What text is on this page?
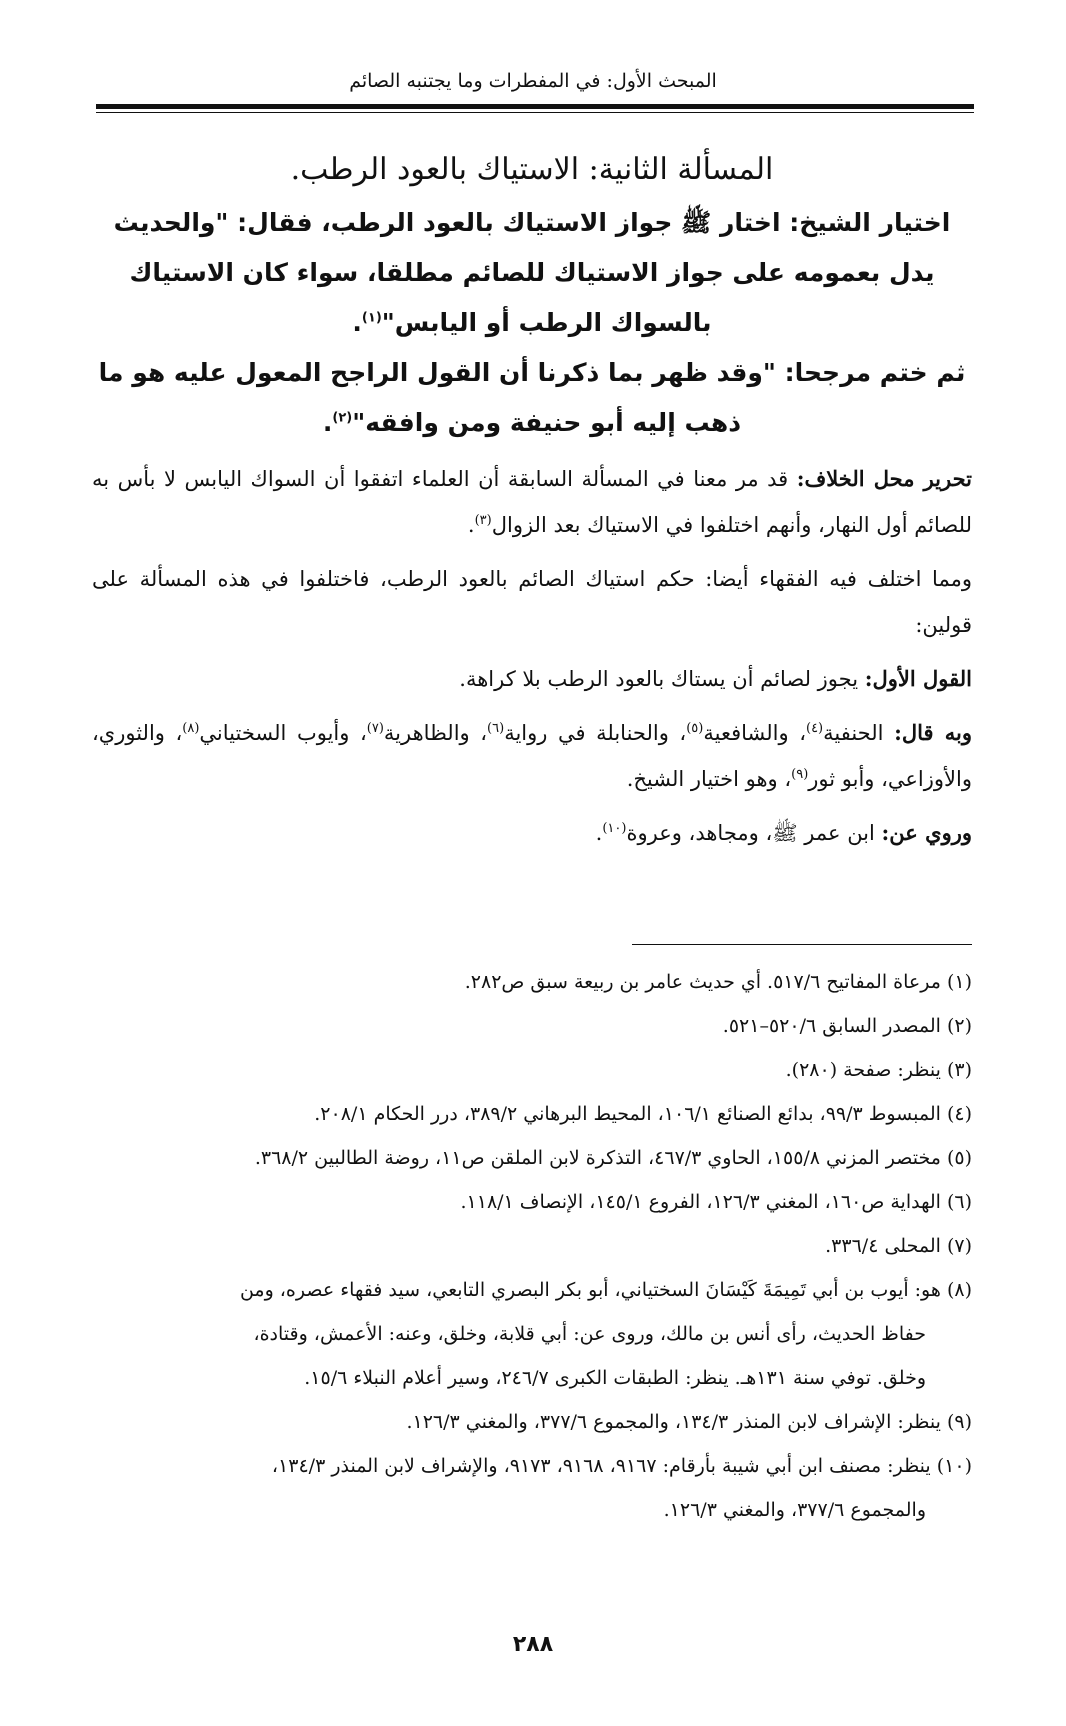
المبحث الأول: في المفطرات وما يجتنبه الصائم

المسألة الثانية: الاستياك بالعود الرطب.

اختيار الشيخ: اختار ﷺ جواز الاستياك بالعود الرطب، فقال: "والحديث يدل بعمومه على جواز الاستياك للصائم مطلقا، سواء كان الاستياك بالسواك الرطب أو اليابس"$^{(١)}$.

ثم ختم مرجحا: "وقد ظهر بما ذكرنا أن القول الراجح المعول عليه هو ما ذهب إليه أبو حنيفة ومن وافقه"$^{(٢)}$.

تحرير محل الخلاف: قد مر معنا في المسألة السابقة أن العلماء اتفقوا أن السواك اليابس لا بأس به للصائم أول النهار، وأنهم اختلفوا في الاستياك بعد الزوال$^{(٣)}$.

ومما اختلف فيه الفقهاء أيضا: حكم استياك الصائم بالعود الرطب، فاختلفوا في هذه المسألة على قولين:

القول الأول: يجوز لصائم أن يستاك بالعود الرطب بلا كراهة.

وبه قال: الحنفية$^{(٤)}$، والشافعية$^{(٥)}$، والحنابلة في رواية$^{(٦)}$، والظاهرية$^{(٧)}$، وأيوب السختياني$^{(٨)}$، والثوري، والأوزاعي، وأبو ثور$^{(٩)}$، وهو اختيار الشيخ.

وروي عن: ابن عمر ﷺ، ومجاهد، وعروة$^{(١٠)}$.

(١) مرعاة المفاتيح ٥١٧/٦. أي حديث عامر بن ربيعة سبق ص٢٨٢.

(٢) المصدر السابق ٥٢٠/٦–٥٢١.

(٣) ينظر: صفحة (٢٨٠).

(٤) المبسوط ٩٩/٣، بدائع الصنائع ١٠٦/١، المحيط البرهاني ٣٨٩/٢، درر الحكام ٢٠٨/١.

(٥) مختصر المزني ١٥٥/٨، الحاوي ٤٦٧/٣، التذكرة لابن الملقن ص١١، روضة الطالبين ٣٦٨/٢.

(٦) الهداية ص١٦٠، المغني ١٢٦/٣، الفروع ١٤٥/١، الإنصاف ١١٨/١.

(٧) المحلى ٣٣٦/٤.

(٨) هو: أيوب بن أبي تَمِيمَةَ كَيْسَانَ السختياني، أبو بكر البصري التابعي، سيد فقهاء عصره، ومن

حفاظ الحديث، رأى أنس بن مالك، وروى عن: أبي قلابة، وخلق، وعنه: الأعمش، وقتادة،

وخلق. توفي سنة ١٣١هـ. ينظر: الطبقات الكبرى ٢٤٦/٧، وسير أعلام النبلاء ١٥/٦.

(٩) ينظر: الإشراف لابن المنذر ١٣٤/٣، والمجموع ٣٧٧/٦، والمغني ١٢٦/٣.

(١٠) ينظر: مصنف ابن أبي شيبة بأرقام: ٩١٦٧، ٩١٦٨، ٩١٧٣، والإشراف لابن المنذر ١٣٤/٣،

والمجموع ٣٧٧/٦، والمغني ١٢٦/٣.

٢٨٨
